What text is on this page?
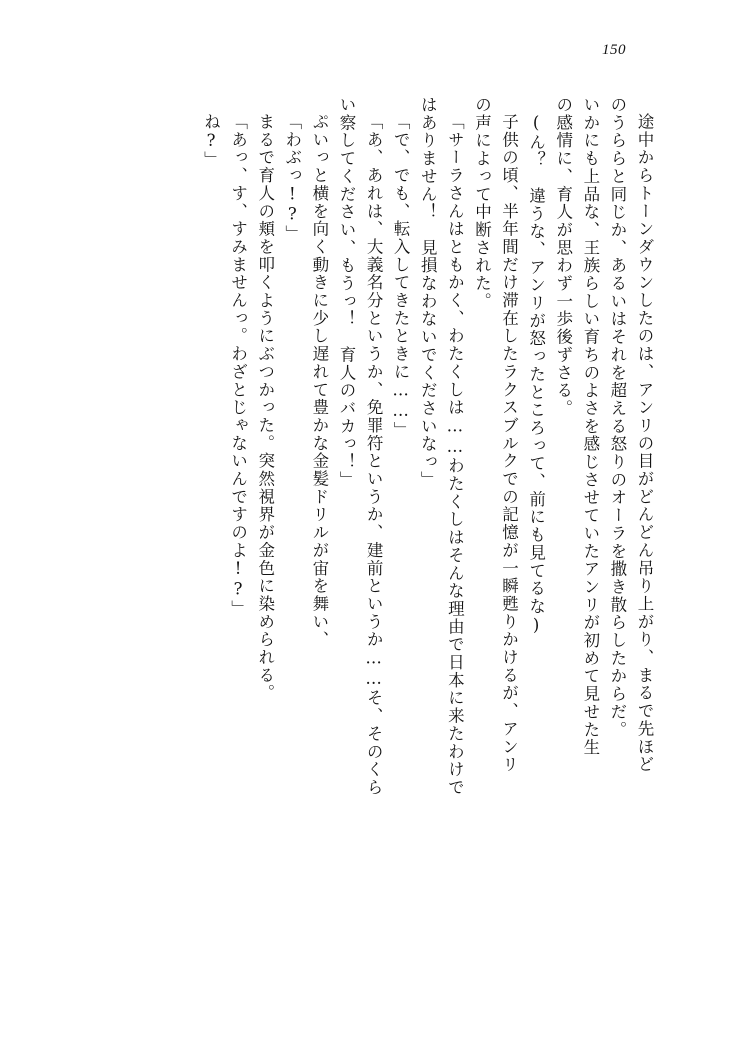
150
途中からトーンダウンしたのは、アンリの目がどんどん吊り上がり、まるで先ほど
のうららと同じか、あるいはそれを超える怒りのオーラを撒き散らしたからだ。
いかにも上品な、王族らしい育ちのよさを感じさせていたアンリが初めて見せた生
の感情に、育人が思わず一歩後ずさる。
(ん？　違うな、アンリが怒ったところって、前にも見てるな)
子供の頃、半年間だけ滞在したラクスブルクでの記憶が一瞬甦りかけるが、アンリ
の声によって中断された。
「サーラさんはともかく、わたくしは……わたくしはそんな理由で日本に来たわけで
はありません！　見損なわないでくださいなっ」
「で、でも、転入してきたときに……」
「あ、あれは、大義名分というか、免罪符というか、建前というか……そ、そのくら
い察してください、もうっ！　育人のバカっ！」
ぷいっと横を向く動きに少し遅れて豊かな金髪ドリルが宙を舞い、
「わぶっ!?」
まるで育人の頬を叩くようにぶつかった。突然視界が金色に染められる。
「あっ、す、すみませんっ。わざとじゃないんですのよ!?」
ね?」
